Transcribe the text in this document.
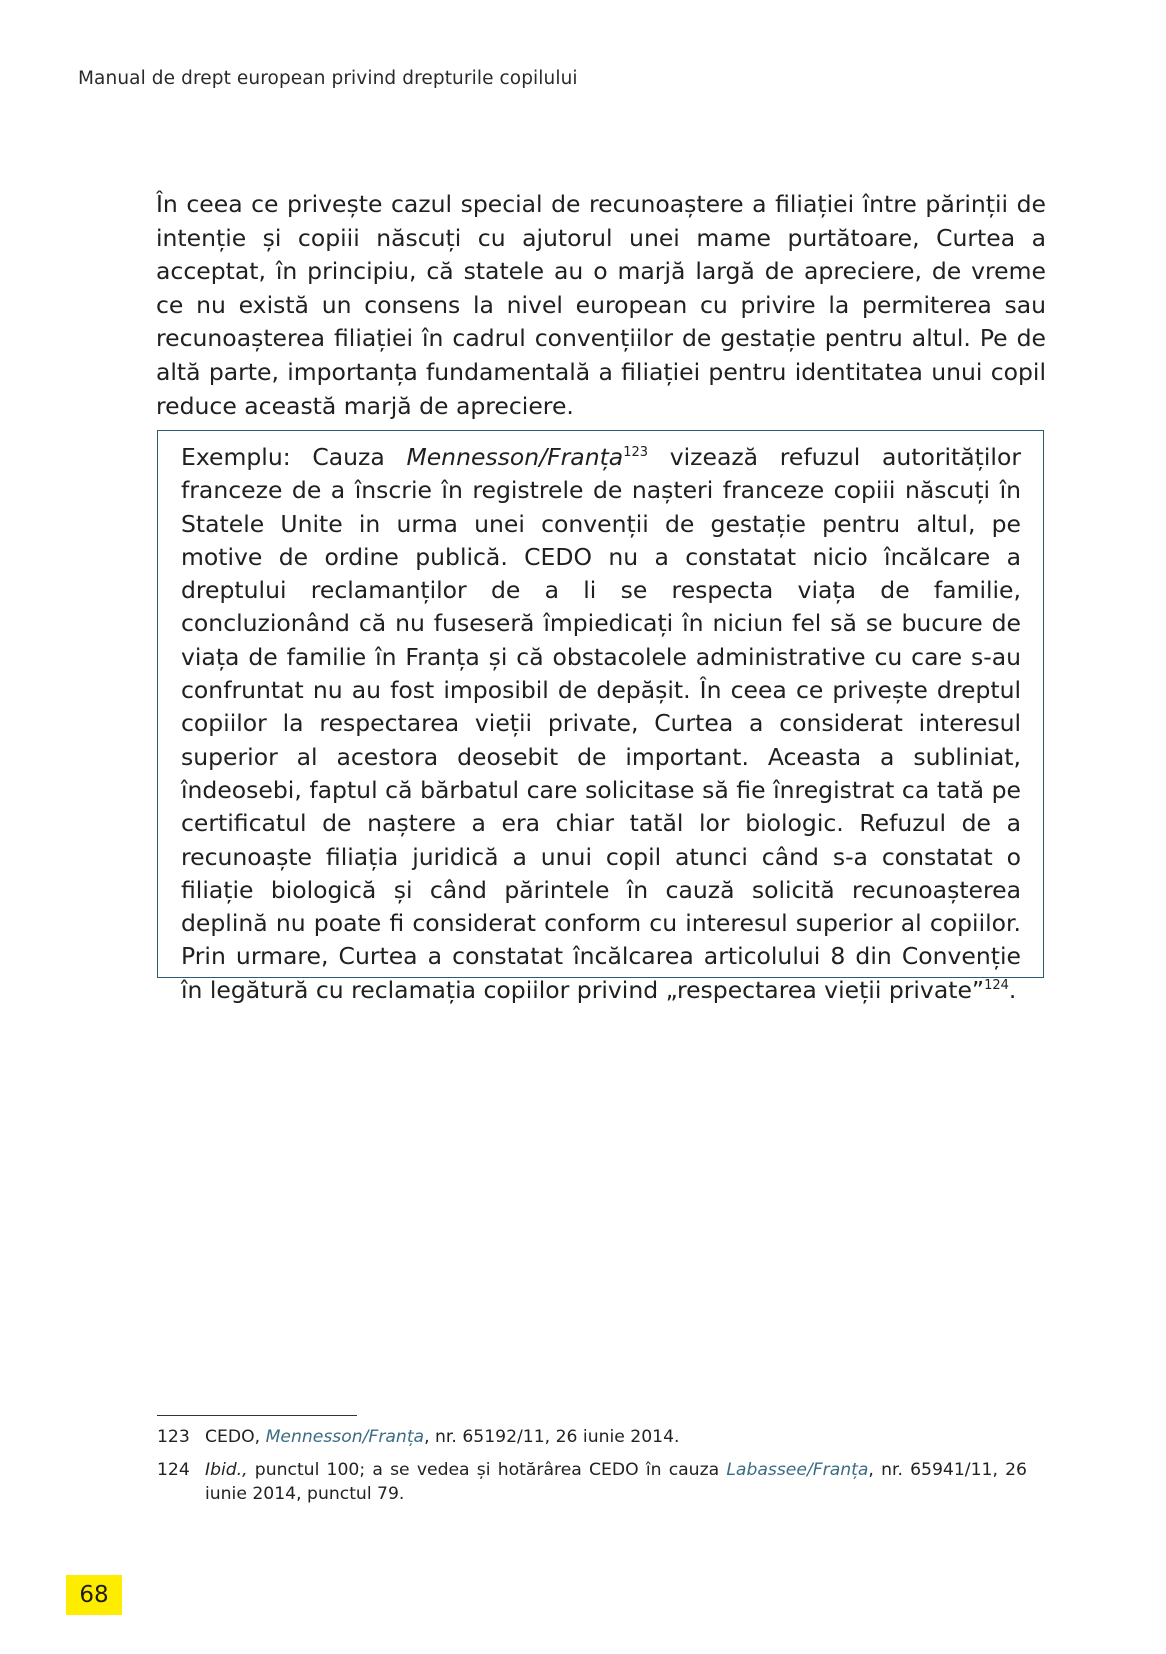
Manual de drept european privind drepturile copilului

În ceea ce privește cazul special de recunoaștere a filiației între părinții de intenție și copiii născuți cu ajutorul unei mame purtătoare, Curtea a acceptat, în principiu, că statele au o marjă largă de apreciere, de vreme ce nu există un consens la nivel european cu privire la permiterea sau recunoașterea filiației în cadrul convențiilor de gestație pentru altul. Pe de altă parte, importanța fundamentală a filiației pentru identitatea unui copil reduce această marjă de apreciere.

Exemplu: Cauza Mennesson/Franța$^{123}$ vizează refuzul autorităților franceze de a înscrie în registrele de nașteri franceze copiii născuți în Statele Unite in urma unei convenții de gestație pentru altul, pe motive de ordine publică. CEDO nu a constatat nicio încălcare a dreptului reclamanților de a li se respecta viața de familie, concluzionând că nu fuseseră împiedicați în niciun fel să se bucure de viața de familie în Franța și că obstacolele administrative cu care s-au confruntat nu au fost imposibil de depășit. În ceea ce privește dreptul copiilor la respectarea vieții private, Curtea a considerat interesul superior al acestora deosebit de important. Aceasta a subliniat, îndeosebi, faptul că bărbatul care solicitase să fie înregistrat ca tată pe certificatul de naștere a era chiar tatăl lor biologic. Refuzul de a recunoaște filiația juridică a unui copil atunci când s-a constatat o filiație biologică și când părintele în cauză solicită recunoașterea deplină nu poate fi considerat conform cu interesul superior al copiilor. Prin urmare, Curtea a constatat încălcarea articolului 8 din Convenție în legătură cu reclamația copiilor privind „respectarea vieții private”$^{124}$.

123 CEDO, Mennesson/Franța, nr. 65192/11, 26 iunie 2014.
124 Ibid., punctul 100; a se vedea și hotărârea CEDO în cauza Labassee/Franța, nr. 65941/11, 26 iunie 2014, punctul 79.
68
